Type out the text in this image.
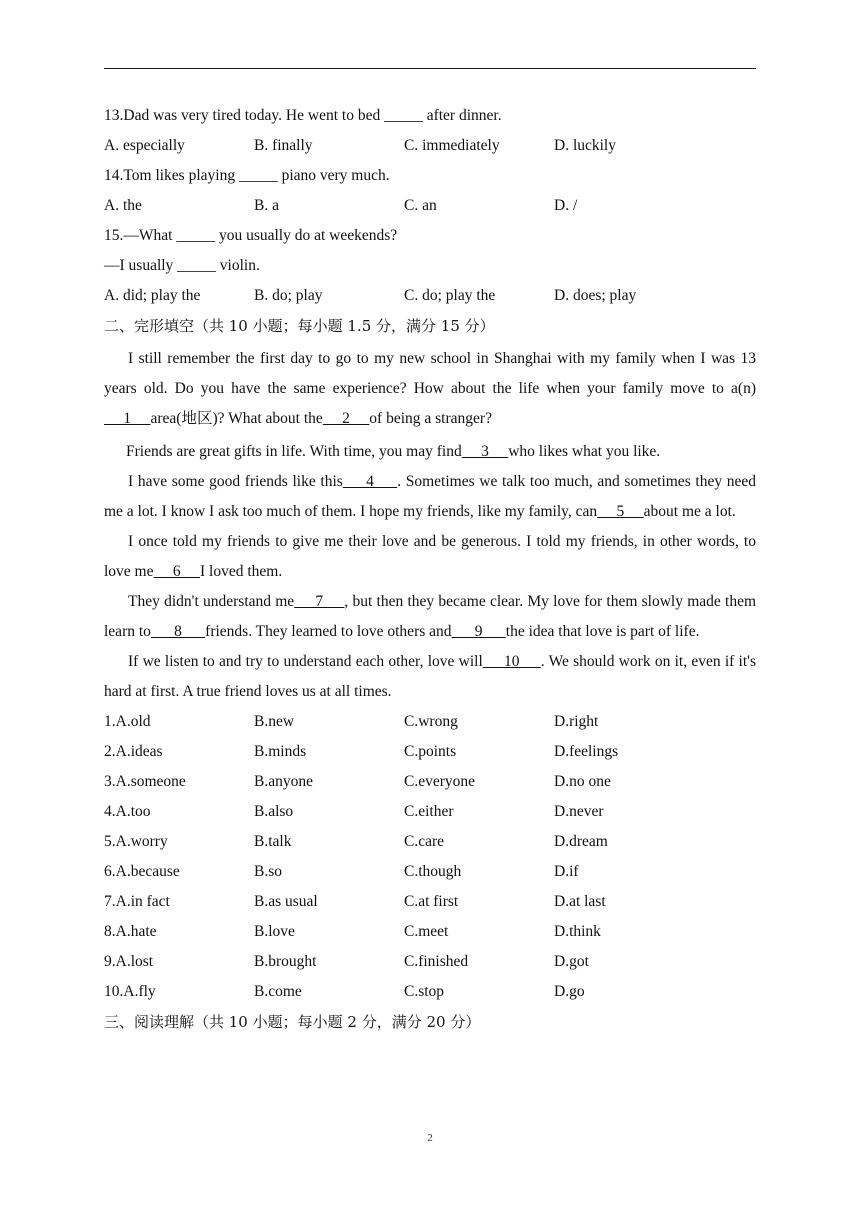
13.Dad was very tired today. He went to bed _____ after dinner.
A. especially	B. finally	C. immediately	D. luckily
14.Tom likes playing _____ piano very much.
A. the	B. a	C. an	D. /
15.—What _____ you usually do at weekends?
—I usually _____ violin.
A. did; play the	B. do; play	C. do; play the	D. does; play
二、完形填空（共 10 小题；每小题 1.5 分，满分 15 分）

I still remember the first day to go to my new school in Shanghai with my family when I was 13 years old. Do you have the same experience? How about the life when your family move to a(n)     1     area(地区)? What about the     2     of being a stranger?

Friends are great gifts in life. With time, you may find     3     who likes what you like.

I have some good friends like this     4     . Sometimes we talk too much, and sometimes they need me a lot. I know I ask too much of them. I hope my friends, like my family, can     5     about me a lot.

I once told my friends to give me their love and be generous. I told my friends, in other words, to love me     6     I loved them.

They didn't understand me     7     , but then they became clear. My love for them slowly made them learn to      8      friends. They learned to love others and      9      the idea that love is part of life.

If we listen to and try to understand each other, love will     10     . We should work on it, even if it's hard at first. A true friend loves us at all times.

1.A.old	B.new	C.wrong	D.right
2.A.ideas	B.minds	C.points	D.feelings
3.A.someone	B.anyone	C.everyone	D.no one
4.A.too	B.also	C.either	D.never
5.A.worry	B.talk	C.care	D.dream
6.A.because	B.so	C.though	D.if
7.A.in fact	B.as usual	C.at first	D.at last
8.A.hate	B.love	C.meet	D.think
9.A.lost	B.brought	C.finished	D.got
10.A.fly	B.come	C.stop	D.go
三、阅读理解（共 10 小题；每小题 2 分，满分 20 分）
2
